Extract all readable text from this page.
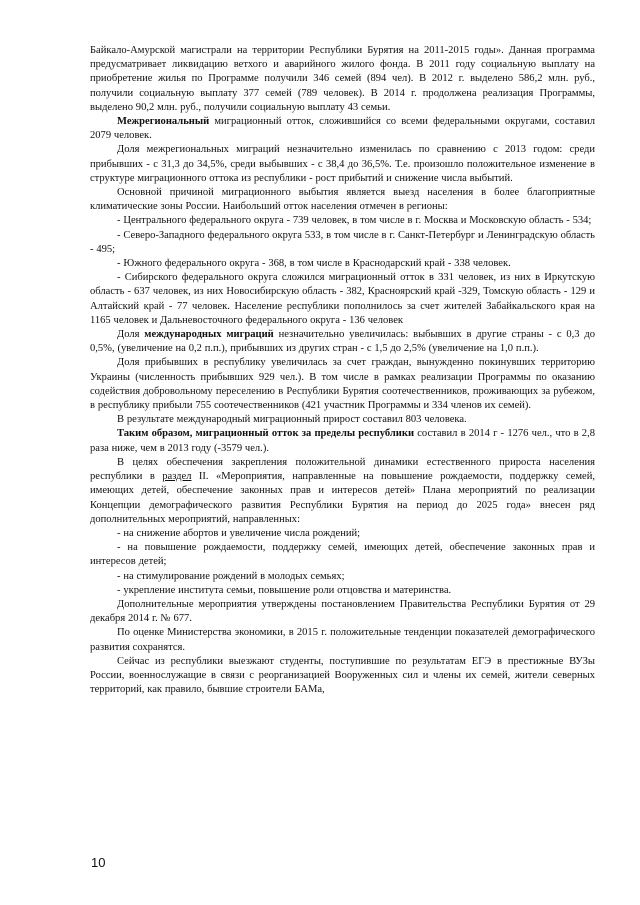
Байкало-Амурской магистрали на территории Республики Бурятия на 2011-2015 годы». Данная программа предусматривает ликвидацию ветхого и аварийного жилого фонда. В 2011 году социальную выплату на приобретение жилья по Программе получили 346 семей (894 чел). В 2012 г. выделено 586,2 млн. руб., получили социальную выплату 377 семей (789 человек). В 2014 г. продолжена реализация Программы, выделено 90,2 млн. руб., получили социальную выплату 43 семьи.

Межрегиональный миграционный отток, сложившийся со всеми федеральными округами, составил 2079 человек.

Доля межрегиональных миграций незначительно изменилась по сравнению с 2013 годом: среди прибывших - с 31,3 до 34,5%, среди выбывших - с 38,4 до 36,5%. Т.е. произошло положительное изменение в структуре миграционного оттока из республики - рост прибытий и снижение числа выбытий.

Основной причиной миграционного выбытия является выезд населения в более благоприятные климатические зоны России. Наибольший отток населения отмечен в регионы:

- Центрального федерального округа - 739 человек, в том числе в г. Москва и Московскую область - 534;

- Северо-Западного федерального округа 533, в том числе в г. Санкт-Петербург и Ленинградскую область - 495;

- Южного федерального округа - 368, в том числе в Краснодарский край - 338 человек.

- Сибирского федерального округа сложился миграционный отток в 331 человек, из них в Иркутскую область - 637 человек, из них Новосибирскую область - 382, Красноярский край -329, Томскую область - 129 и Алтайский край - 77 человек. Население республики пополнилось за счет жителей Забайкальского края на 1165 человек и Дальневосточного федерального округа - 136 человек

Доля международных миграций незначительно увеличилась: выбывших в другие страны - с 0,3 до 0,5%, (увеличение на 0,2 п.п.), прибывших из других стран - с 1,5 до 2,5% (увеличение на 1,0 п.п.).

Доля прибывших в республику увеличилась за счет граждан, вынужденно покинувших территорию Украины (численность прибывших 929 чел.). В том числе в рамках реализации Программы по оказанию содействия добровольному переселению в Республики Бурятия соотечественников, проживающих за рубежом, в республику прибыли 755 соотечественников (421 участник Программы и 334 членов их семей).

В результате международный миграционный прирост составил 803 человека.

Таким образом, миграционный отток за пределы республики составил в 2014 г - 1276 чел., что в 2,8 раза ниже, чем в 2013 году (-3579 чел.).

В целях обеспечения закрепления положительной динамики естественного прироста населения республики в раздел II. «Мероприятия, направленные на повышение рождаемости, поддержку семей, имеющих детей, обеспечение законных прав и интересов детей» Плана мероприятий по реализации Концепции демографического развития Республики Бурятия на период до 2025 года» внесен ряд дополнительных мероприятий, направленных:

- на снижение абортов и увеличение числа рождений;

- на повышение рождаемости, поддержку семей, имеющих детей, обеспечение законных прав и интересов детей;

- на стимулирование рождений в молодых семьях;

- укрепление института семьи, повышение роли отцовства и материнства.

Дополнительные мероприятия утверждены постановлением Правительства Республики Бурятия от 29 декабря 2014 г. № 677.

По оценке Министерства экономики, в 2015 г. положительные тенденции показателей демографического развития сохранятся.

Сейчас из республики выезжают студенты, поступившие по результатам ЕГЭ в престижные ВУЗы России, военнослужащие в связи с реорганизацией Вооруженных сил и члены их семей, жители северных территорий, как правило, бывшие строители БАМа,

10
